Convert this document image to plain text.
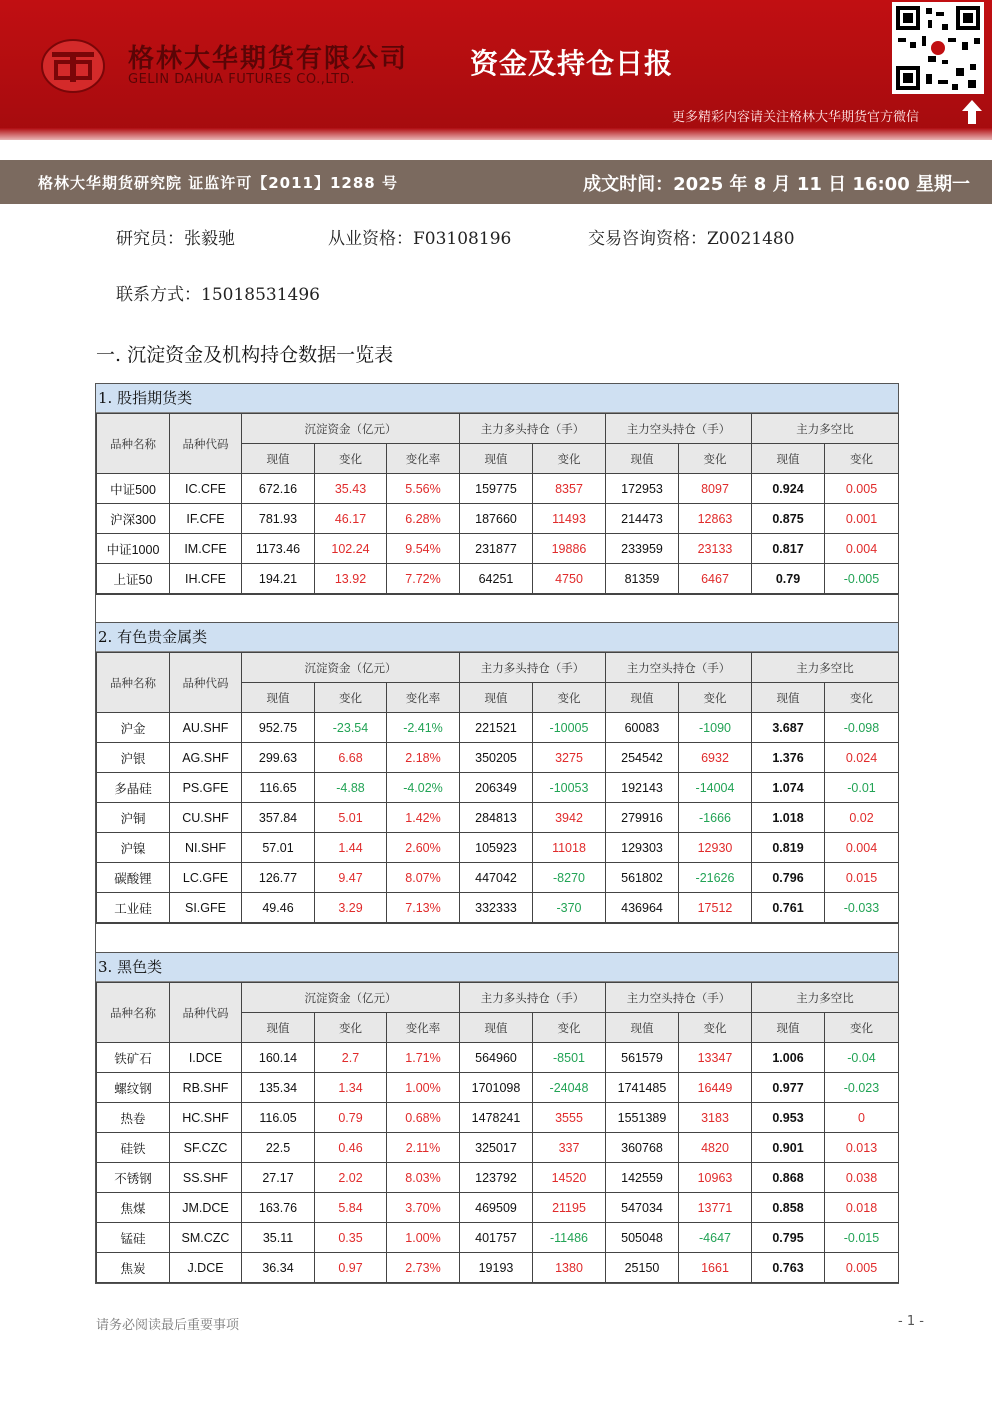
格林大华期货有限公司
GELIN DAHUA FUTURES CO.,LTD.	资金及持仓日报
更多精彩内容请关注格林大华期货官方微信
格林大华期货研究院 证监许可【2011】1288 号	成文时间：2025 年 8 月 11 日 16:00 星期一
研究员：张毅驰	从业资格：F03108196	交易咨询资格：Z0021480
联系方式：15018531496
一. 沉淀资金及机构持仓数据一览表
1. 股指期货类
品种名称	品种代码	沉淀资金（亿元）			主力多头持仓（手）		主力空头持仓（手）		主力多空比	
		现值	变化	变化率	现值	变化	现值	变化	现值	变化
中证500	IC.CFE	672.16	35.43	5.56%	159775	8357	172953	8097	0.924	0.005
沪深300	IF.CFE	781.93	46.17	6.28%	187660	11493	214473	12863	0.875	0.001
中证1000	IM.CFE	1173.46	102.24	9.54%	231877	19886	233959	23133	0.817	0.004
上证50	IH.CFE	194.21	13.92	7.72%	64251	4750	81359	6467	0.79	-0.005
2. 有色贵金属类
品种名称	品种代码	沉淀资金（亿元）			主力多头持仓（手）		主力空头持仓（手）		主力多空比	
		现值	变化	变化率	现值	变化	现值	变化	现值	变化
沪金	AU.SHF	952.75	-23.54	-2.41%	221521	-10005	60083	-1090	3.687	-0.098
沪银	AG.SHF	299.63	6.68	2.18%	350205	3275	254542	6932	1.376	0.024
多晶硅	PS.GFE	116.65	-4.88	-4.02%	206349	-10053	192143	-14004	1.074	-0.01
沪铜	CU.SHF	357.84	5.01	1.42%	284813	3942	279916	-1666	1.018	0.02
沪镍	NI.SHF	57.01	1.44	2.60%	105923	11018	129303	12930	0.819	0.004
碳酸锂	LC.GFE	126.77	9.47	8.07%	447042	-8270	561802	-21626	0.796	0.015
工业硅	SI.GFE	49.46	3.29	7.13%	332333	-370	436964	17512	0.761	-0.033
3. 黑色类
品种名称	品种代码	沉淀资金（亿元）			主力多头持仓（手）		主力空头持仓（手）		主力多空比	
		现值	变化	变化率	现值	变化	现值	变化	现值	变化
铁矿石	I.DCE	160.14	2.7	1.71%	564960	-8501	561579	13347	1.006	-0.04
螺纹钢	RB.SHF	135.34	1.34	1.00%	1701098	-24048	1741485	16449	0.977	-0.023
热卷	HC.SHF	116.05	0.79	0.68%	1478241	3555	1551389	3183	0.953	0
硅铁	SF.CZC	22.5	0.46	2.11%	325017	337	360768	4820	0.901	0.013
不锈钢	SS.SHF	27.17	2.02	8.03%	123792	14520	142559	10963	0.868	0.038
焦煤	JM.DCE	163.76	5.84	3.70%	469509	21195	547034	13771	0.858	0.018
锰硅	SM.CZC	35.11	0.35	1.00%	401757	-11486	505048	-4647	0.795	-0.015
焦炭	J.DCE	36.34	0.97	2.73%	19193	1380	25150	1661	0.763	0.005
请务必阅读最后重要事项	- 1 -
